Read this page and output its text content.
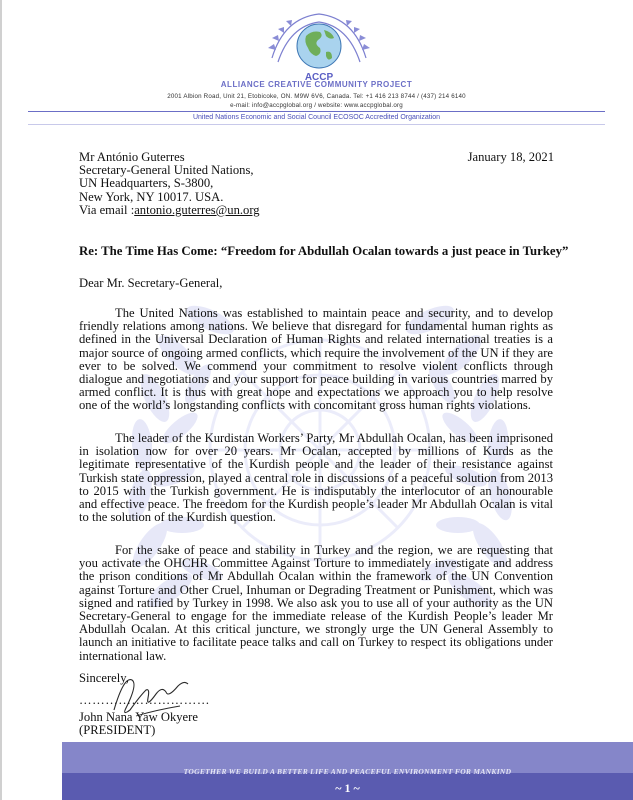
ACCP
ALLIANCE CREATIVE COMMUNITY PROJECT
2001 Albion Road, Unit 21, Etobicoke, ON. M9W 6V6, Canada. Tel: +1 416 213 8744 / (437) 214 6140
e-mail: info@accpglobal.org / website: www.accpglobal.org
United Nations Economic and Social Council ECOSOC Accredited Organization
Mr António Guterres
Secretary-General United Nations,
UN Headquarters, S-3800,
New York, NY 10017. USA.
Via email :antonio.guterres@un.org
January 18, 2021
Re: The Time Has Come: “Freedom for Abdullah Ocalan towards a just peace in Turkey”
Dear Mr. Secretary-General,

The United Nations was established to maintain peace and security, and to develop friendly relations among nations. We believe that disregard for fundamental human rights as defined in the Universal Declaration of Human Rights and related international treaties is a major source of ongoing armed conflicts, which require the involvement of the UN if they are ever to be solved. We commend your commitment to resolve violent conflicts through dialogue and negotiations and your support for peace building in various countries marred by armed conflict. It is thus with great hope and expectations we approach you to help resolve one of the world’s longstanding conflicts with concomitant gross human rights violations.

The leader of the Kurdistan Workers’ Party, Mr Abdullah Ocalan, has been imprisoned in isolation now for over 20 years. Mr Ocalan, accepted by millions of Kurds as the legitimate representative of the Kurdish people and the leader of their resistance against Turkish state oppression, played a central role in discussions of a peaceful solution from 2013 to 2015 with the Turkish government. He is indisputably the interlocutor of an honourable and effective peace. The freedom for the Kurdish people’s leader Mr Abdullah Ocalan is vital to the solution of the Kurdish question.

For the sake of peace and stability in Turkey and the region, we are requesting that you activate the OHCHR Committee Against Torture to immediately investigate and address the prison conditions of Mr Abdullah Ocalan within the framework of the UN Convention against Torture and Other Cruel, Inhuman or Degrading Treatment or Punishment, which was signed and ratified by Turkey in 1998. We also ask you to use all of your authority as the UN Secretary-General to engage for the immediate release of the Kurdish People’s leader Mr Abdullah Ocalan. At this critical juncture, we strongly urge the UN General Assembly to launch an initiative to facilitate peace talks and call on Turkey to respect its obligations under international law.

Sincerely,
…………………………
John Nana Yaw Okyere
(PRESIDENT)
TOGETHER WE BUILD A BETTER LIFE AND PEACEFUL ENVIRONMENT FOR MANKIND
~ 1 ~
